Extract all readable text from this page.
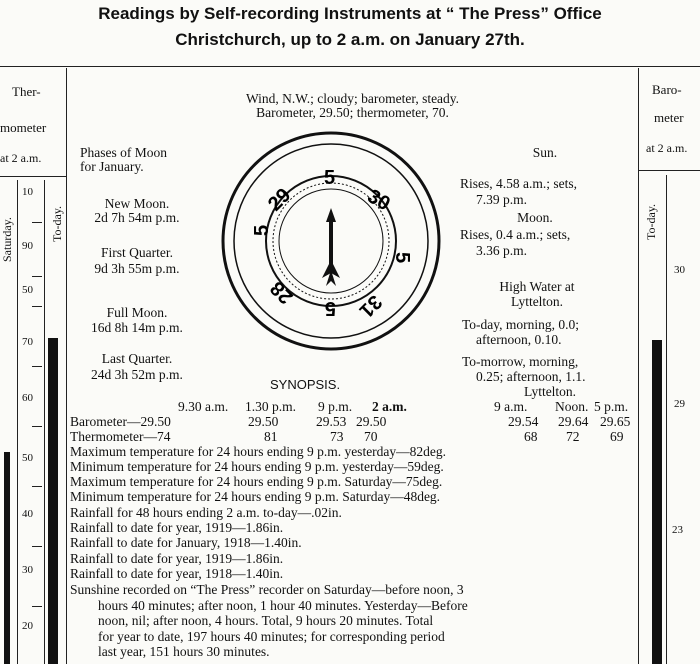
Readings by Self-recording Instruments at “ The Press” Office
Christchurch, up to 2 a.m. on January 27th.
Ther-
mometer
at 2 a.m.
Saturday.	To-day.
10
90
50
70
60
50
40
30
20
Baro-
meter
at 2 a.m.
To-day.
30
29
23
Wind, N.W.; cloudy; barometer, steady.
Barometer, 29.50; thermometer, 70.
Phases of Moon
for January.
New Moon.
2d 7h 54m p.m.
First Quarter.
9d 3h 55m p.m.
Full Moon.
16d 8h 14m p.m.
Last Quarter.
24d 3h 52m p.m.
5
30
5
31
5
28
5
29
Sun.
Rises, 4.58 a.m.; sets,
7.39 p.m.
Moon.
Rises, 0.4 a.m.; sets,
3.36 p.m.
High Water at
Lyttelton.
To-day, morning, 0.0;
afternoon, 0.10.
To-morrow, morning,
0.25; afternoon, 1.1.
Lyttelton.
9 a.m. Noon. 5 p.m.
29.54 29.64 29.65
68 72 69
SYNOPSIS.
9.30 a.m. 1.30 p.m. 9 p.m. 2 a.m.
Barometer—29.50	29.50	29.53 29.50
Thermometer—74	81	73 70
Maximum temperature for 24 hours ending 9 p.m. yesterday—82deg.
Minimum temperature for 24 hours ending 9 p.m. yesterday—59deg.
Maximum temperature for 24 hours ending 9 p.m. Saturday—75deg.
Minimum temperature for 24 hours ending 9 p.m. Saturday—48deg.
Rainfall for 48 hours ending 2 a.m. to-day—.02in.
Rainfall to date for year, 1919—1.86in.
Rainfall to date for January, 1918—1.40in.
Rainfall to date for year, 1919—1.86in.
Rainfall to date for year, 1918—1.40in.
Sunshine recorded on “The Press” recorder on Saturday—before noon, 3
hours 40 minutes; after noon, 1 hour 40 minutes. Yesterday—Before
noon, nil; after noon, 4 hours. Total, 9 hours 20 minutes. Total
for year to date, 197 hours 40 minutes; for corresponding period
last year, 151 hours 30 minutes.
